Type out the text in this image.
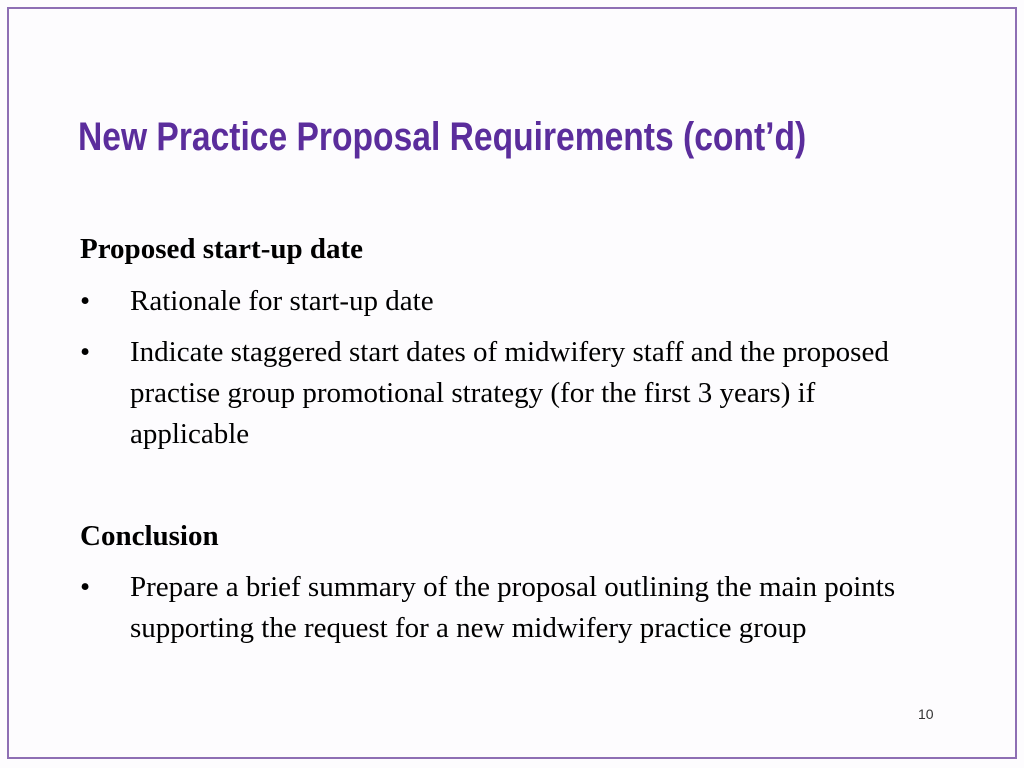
New Practice Proposal Requirements (cont’d)
Proposed start-up date
•	Rationale for start-up date
•	Indicate staggered start dates of midwifery staff and the proposed practise group promotional strategy (for the first 3 years) if applicable
Conclusion
•	Prepare a brief summary of the proposal outlining the main points supporting the request for a new midwifery practice group
10
